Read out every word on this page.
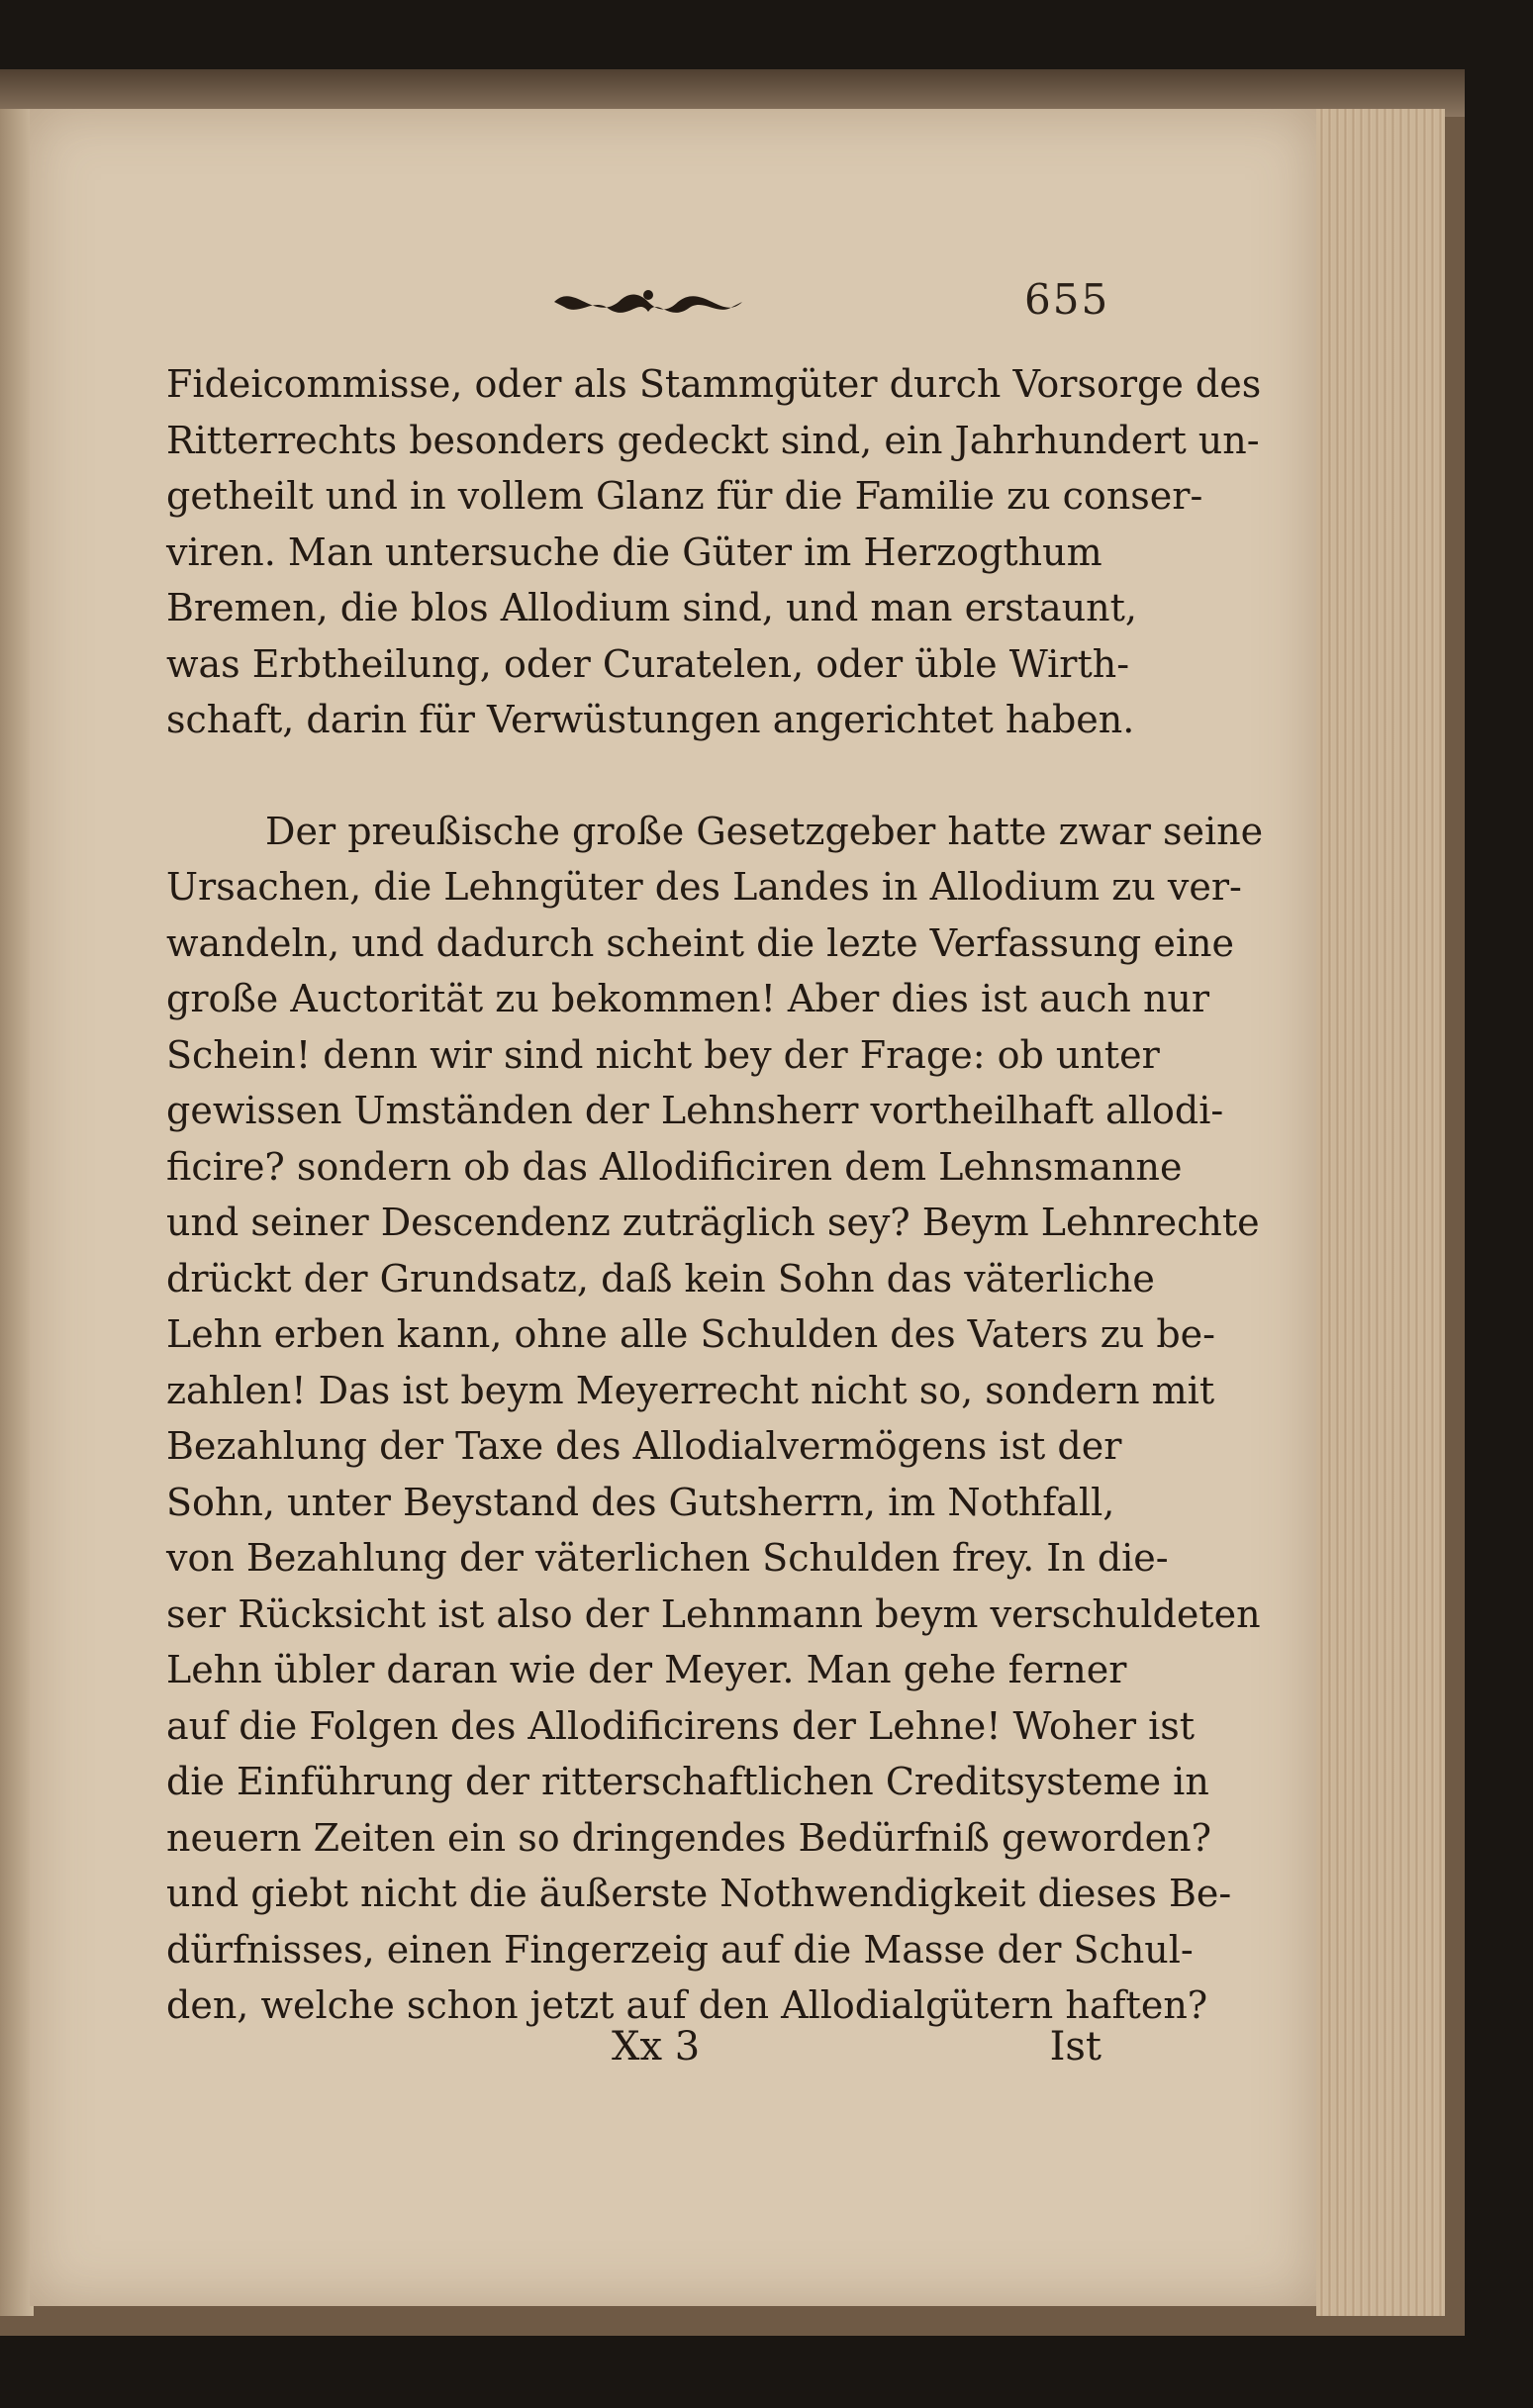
655
Fideicommisse, oder als Stammgüter durch Vorsorge des
Ritterrechts besonders gedeckt sind, ein Jahrhundert un-
getheilt und in vollem Glanz für die Familie zu conser-
viren. Man untersuche die Güter im Herzogthum
Bremen, die blos Allodium sind, und man erstaunt,
was Erbtheilung, oder Curatelen, oder üble Wirth-
schaft, darin für Verwüstungen angerichtet haben.
Der preußische große Gesetzgeber hatte zwar seine
Ursachen, die Lehngüter des Landes in Allodium zu ver-
wandeln, und dadurch scheint die lezte Verfassung eine
große Auctorität zu bekommen! Aber dies ist auch nur
Schein! denn wir sind nicht bey der Frage: ob unter
gewissen Umständen der Lehnsherr vortheilhaft allodi-
ficire? sondern ob das Allodificiren dem Lehnsmanne
und seiner Descendenz zuträglich sey? Beym Lehnrechte
drückt der Grundsatz, daß kein Sohn das väterliche
Lehn erben kann, ohne alle Schulden des Vaters zu be-
zahlen! Das ist beym Meyerrecht nicht so, sondern mit
Bezahlung der Taxe des Allodialvermögens ist der
Sohn, unter Beystand des Gutsherrn, im Nothfall,
von Bezahlung der väterlichen Schulden frey. In die-
ser Rücksicht ist also der Lehnmann beym verschuldeten
Lehn übler daran wie der Meyer. Man gehe ferner
auf die Folgen des Allodificirens der Lehne! Woher ist
die Einführung der ritterschaftlichen Creditsysteme in
neuern Zeiten ein so dringendes Bedürfniß geworden?
und giebt nicht die äußerste Nothwendigkeit dieses Be-
dürfnisses, einen Fingerzeig auf die Masse der Schul-
den, welche schon jetzt auf den Allodialgütern haften?
Xx 3	Ist
